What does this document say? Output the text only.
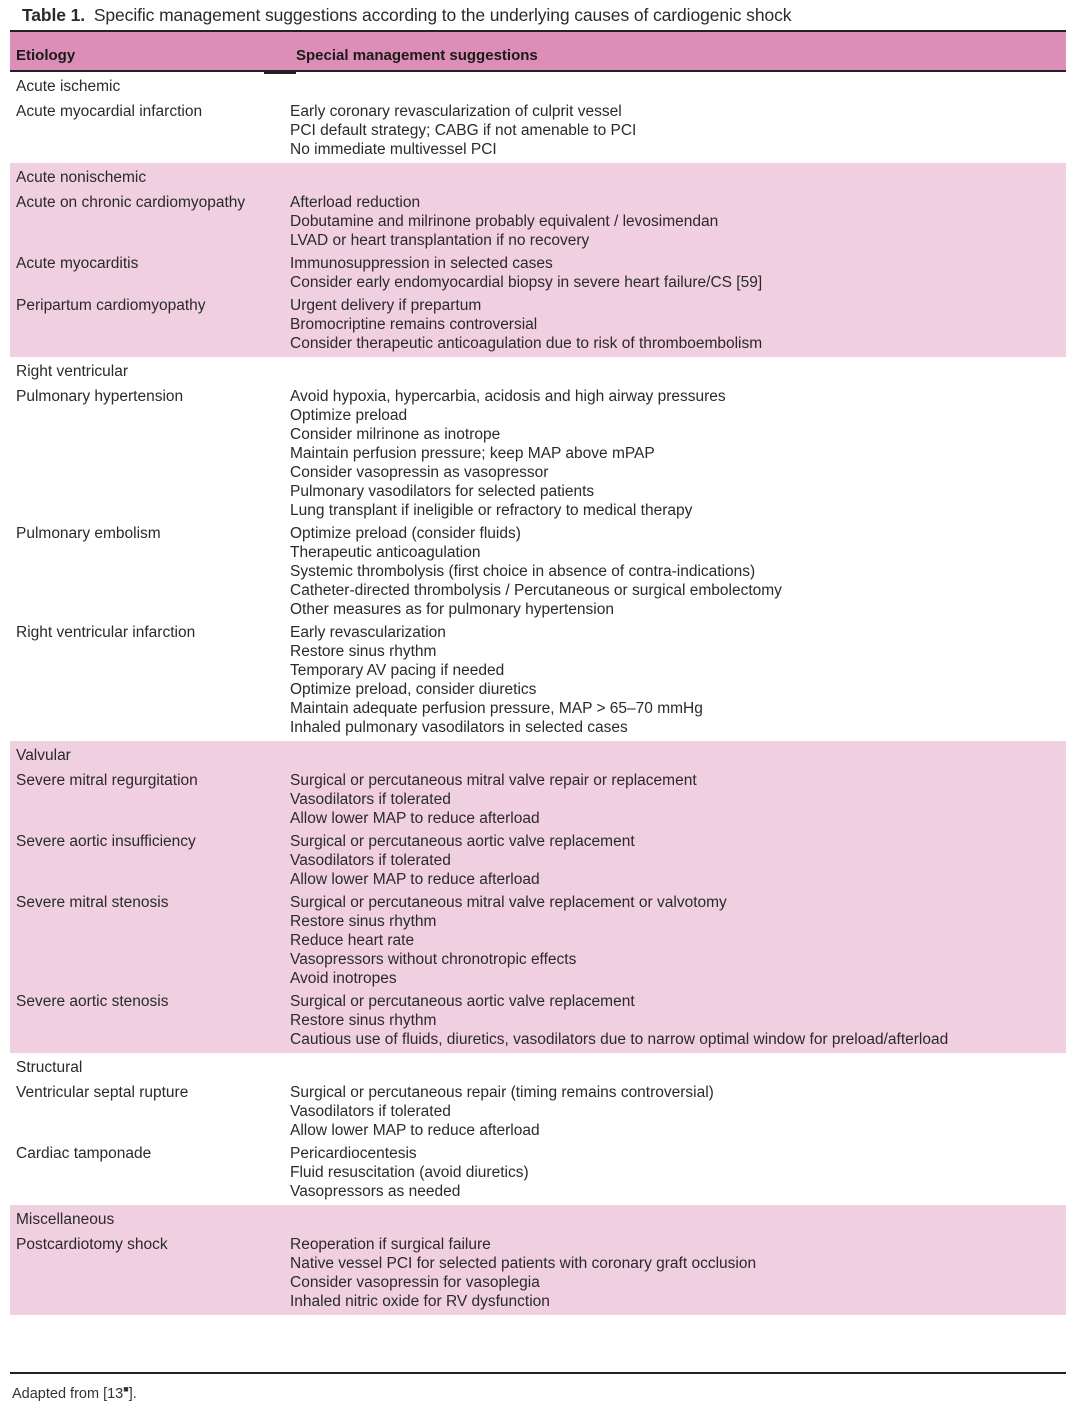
Table 1. Specific management suggestions according to the underlying causes of cardiogenic shock
Etiology	Special management suggestions
Acute ischemic
Acute myocardial infarction	Early coronary revascularization of culprit vessel
PCI default strategy; CABG if not amenable to PCI
No immediate multivessel PCI
Acute nonischemic
Acute on chronic cardiomyopathy	Afterload reduction
Dobutamine and milrinone probably equivalent / levosimendan
LVAD or heart transplantation if no recovery
Acute myocarditis	Immunosuppression in selected cases
Consider early endomyocardial biopsy in severe heart failure/CS [59]
Peripartum cardiomyopathy	Urgent delivery if prepartum
Bromocriptine remains controversial
Consider therapeutic anticoagulation due to risk of thromboembolism
Right ventricular
Pulmonary hypertension	Avoid hypoxia, hypercarbia, acidosis and high airway pressures
Optimize preload
Consider milrinone as inotrope
Maintain perfusion pressure; keep MAP above mPAP
Consider vasopressin as vasopressor
Pulmonary vasodilators for selected patients
Lung transplant if ineligible or refractory to medical therapy
Pulmonary embolism	Optimize preload (consider fluids)
Therapeutic anticoagulation
Systemic thrombolysis (first choice in absence of contra-indications)
Catheter-directed thrombolysis / Percutaneous or surgical embolectomy
Other measures as for pulmonary hypertension
Right ventricular infarction	Early revascularization
Restore sinus rhythm
Temporary AV pacing if needed
Optimize preload, consider diuretics
Maintain adequate perfusion pressure, MAP > 65–70 mmHg
Inhaled pulmonary vasodilators in selected cases
Valvular
Severe mitral regurgitation	Surgical or percutaneous mitral valve repair or replacement
Vasodilators if tolerated
Allow lower MAP to reduce afterload
Severe aortic insufficiency	Surgical or percutaneous aortic valve replacement
Vasodilators if tolerated
Allow lower MAP to reduce afterload
Severe mitral stenosis	Surgical or percutaneous mitral valve replacement or valvotomy
Restore sinus rhythm
Reduce heart rate
Vasopressors without chronotropic effects
Avoid inotropes
Severe aortic stenosis	Surgical or percutaneous aortic valve replacement
Restore sinus rhythm
Cautious use of fluids, diuretics, vasodilators due to narrow optimal window for preload/afterload
Structural
Ventricular septal rupture	Surgical or percutaneous repair (timing remains controversial)
Vasodilators if tolerated
Allow lower MAP to reduce afterload
Cardiac tamponade	Pericardiocentesis
Fluid resuscitation (avoid diuretics)
Vasopressors as needed
Miscellaneous
Postcardiotomy shock	Reoperation if surgical failure
Native vessel PCI for selected patients with coronary graft occlusion
Consider vasopressin for vasoplegia
Inhaled nitric oxide for RV dysfunction
Adapted from [13■].
